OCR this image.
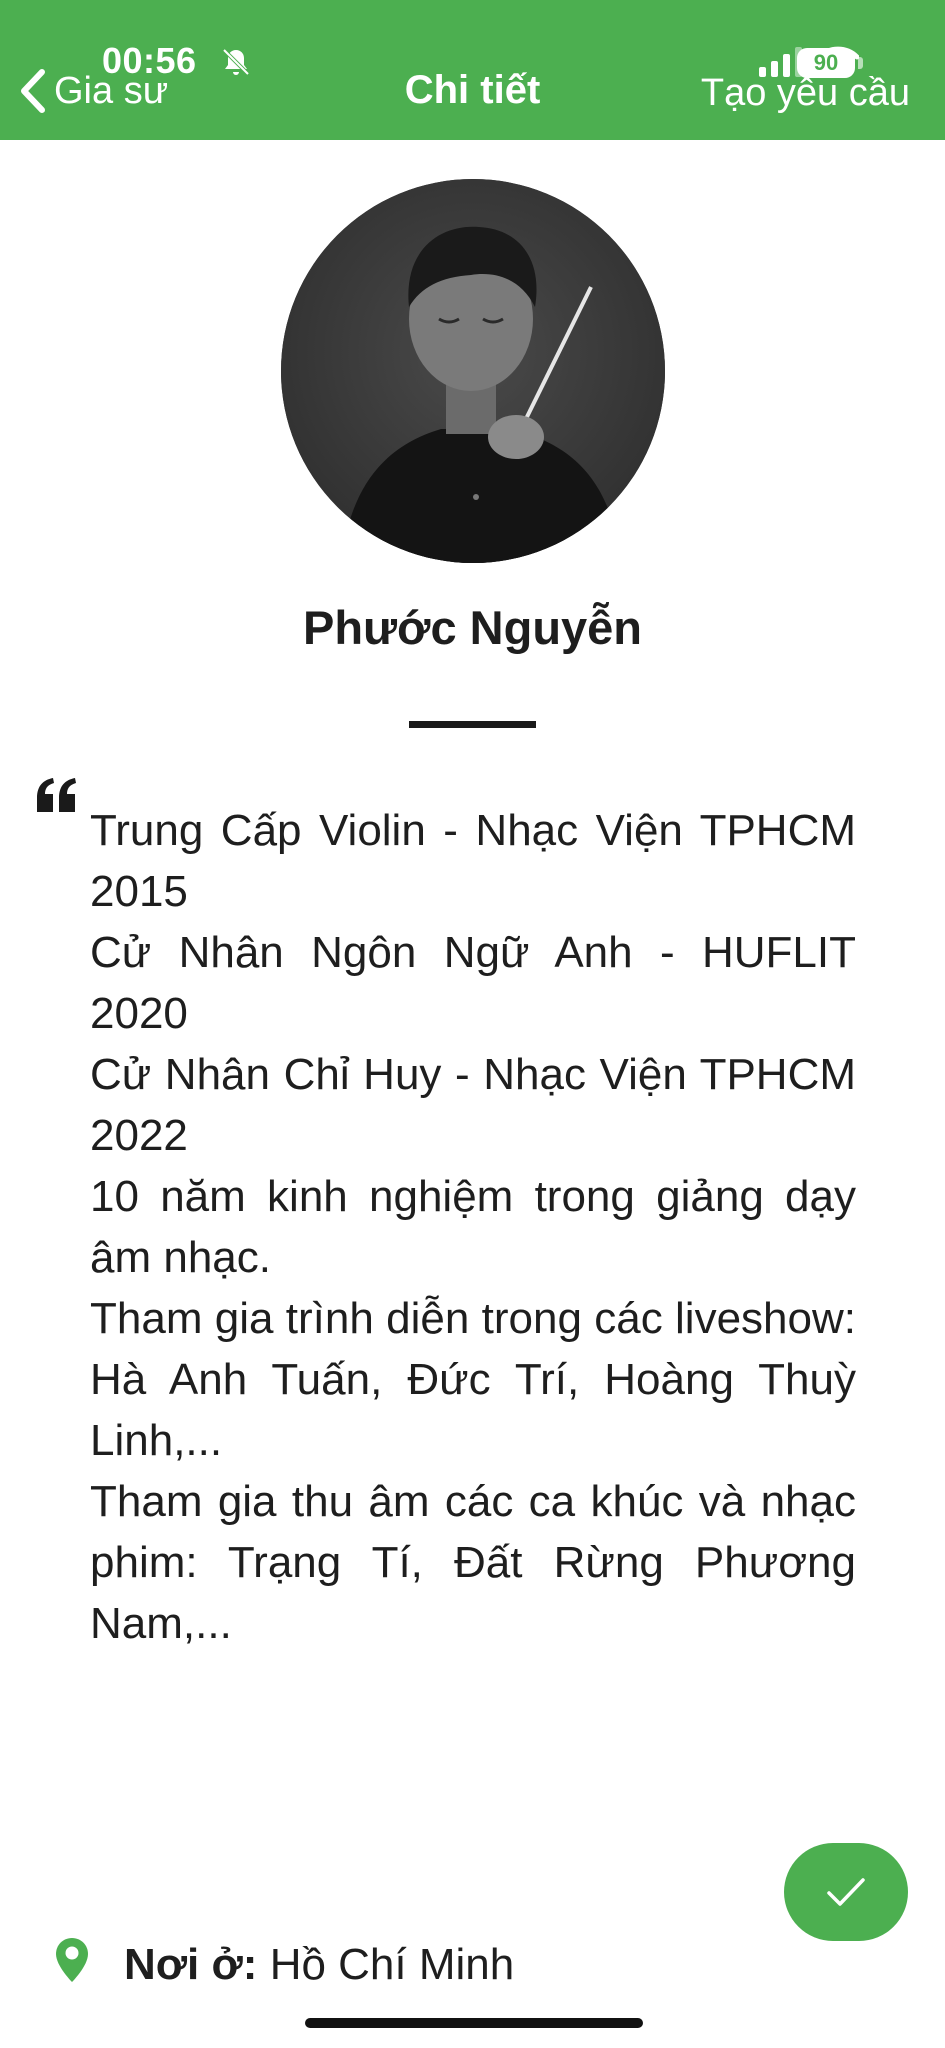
00:56
Gia sư	Chi tiết
90
Tạo yêu cầu
Phước Nguyễn

Trung Cấp Violin - Nhạc Viện TPHCM 2015

Cử Nhân Ngôn Ngữ Anh - HUFLIT 2020

Cử Nhân Chỉ Huy - Nhạc Viện TPHCM 2022

10 năm kinh nghiệm trong giảng dạy âm nhạc.

Tham gia trình diễn trong các liveshow: Hà Anh Tuấn, Đức Trí, Hoàng Thuỳ Linh,...

Tham gia thu âm các ca khúc và nhạc phim: Trạng Tí, Đất Rừng Phương Nam,...

Nơi ở: Hồ Chí Minh
